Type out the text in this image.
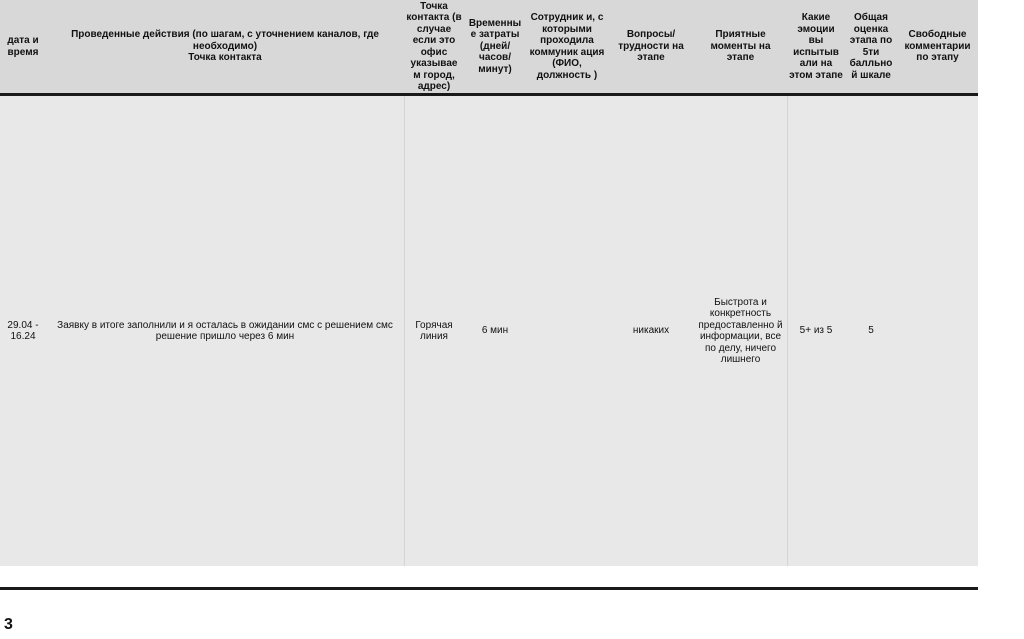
дата и время
Проведенные действия (по шагам, с уточнением каналов, где необходимо)
Точка контакта
Точка контакта (в случае если это офис указывае м город, адрес)
Временны е затраты (дней/ часов/ минут)
Сотрудник и, с которыми проходила коммуник ация (ФИО, должность )
Вопросы/ трудности на этапе
Приятные моменты на этапе
Какие эмоции вы испытыв али на этом этапе
Общая оценка этапа по 5ти балльно й шкале
Свободные комментарии по этапу
29.04 - 16.24
Заявку в итоге заполнили и я осталась в ожидании смс с решением смс решение пришло через 6 мин
Горячая линия
6 мин	никаких
Быстрота и конкретность предоставленно й информации, все по делу, ничего лишнего
5+ из 5	5
3
